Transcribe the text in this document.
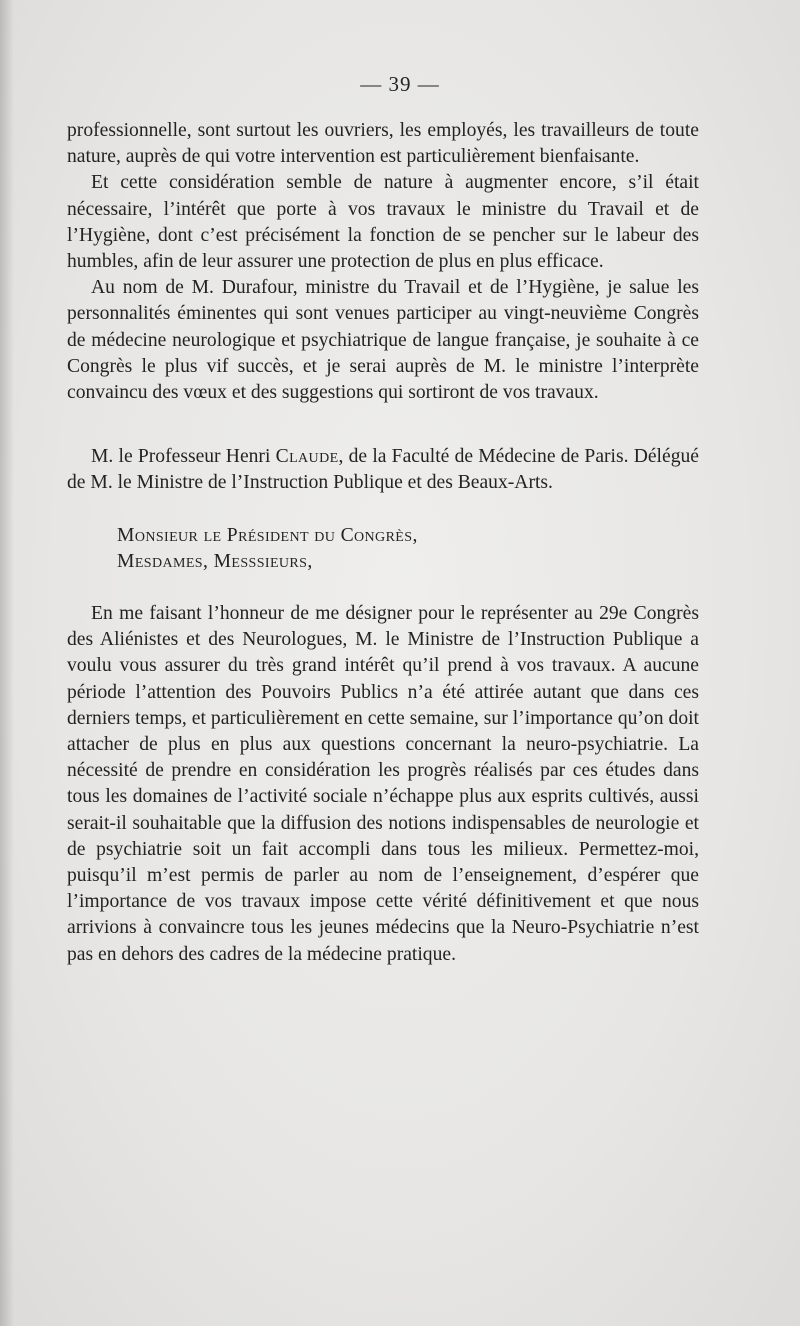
— 39 —

professionnelle, sont surtout les ouvriers, les employés, les travailleurs de toute nature, auprès de qui votre intervention est particulièrement bienfaisante.

Et cette considération semble de nature à augmenter encore, s’il était nécessaire, l’intérêt que porte à vos travaux le ministre du Travail et de l’Hygiène, dont c’est précisément la fonction de se pencher sur le labeur des humbles, afin de leur assurer une protection de plus en plus efficace.

Au nom de M. Durafour, ministre du Travail et de l’Hygiène, je salue les personnalités éminentes qui sont venues participer au vingt-neuvième Congrès de médecine neurologique et psychiatrique de langue française, je souhaite à ce Congrès le plus vif succès, et je serai auprès de M. le ministre l’interprète convaincu des vœux et des suggestions qui sortiront de vos travaux.

M. le Professeur Henri Claude, de la Faculté de Médecine de Paris. Délégué de M. le Ministre de l’Instruction Publique et des Beaux-Arts.

Monsieur le Président du Congrès,

Mesdames, Messsieurs,

En me faisant l’honneur de me désigner pour le représenter au 29e Congrès des Aliénistes et des Neurologues, M. le Ministre de l’Instruction Publique a voulu vous assurer du très grand intérêt qu’il prend à vos travaux. A aucune période l’attention des Pouvoirs Publics n’a été attirée autant que dans ces derniers temps, et particulièrement en cette semaine, sur l’importance qu’on doit attacher de plus en plus aux questions concernant la neuro-psychiatrie. La nécessité de prendre en considération les progrès réalisés par ces études dans tous les domaines de l’activité sociale n’échappe plus aux esprits cultivés, aussi serait-il souhaitable que la diffusion des notions indispensables de neurologie et de psychiatrie soit un fait accompli dans tous les milieux. Permettez-moi, puisqu’il m’est permis de parler au nom de l’enseignement, d’espérer que l’importance de vos travaux impose cette vérité définitivement et que nous arrivions à convaincre tous les jeunes médecins que la Neuro-Psychiatrie n’est pas en dehors des cadres de la médecine pratique.
